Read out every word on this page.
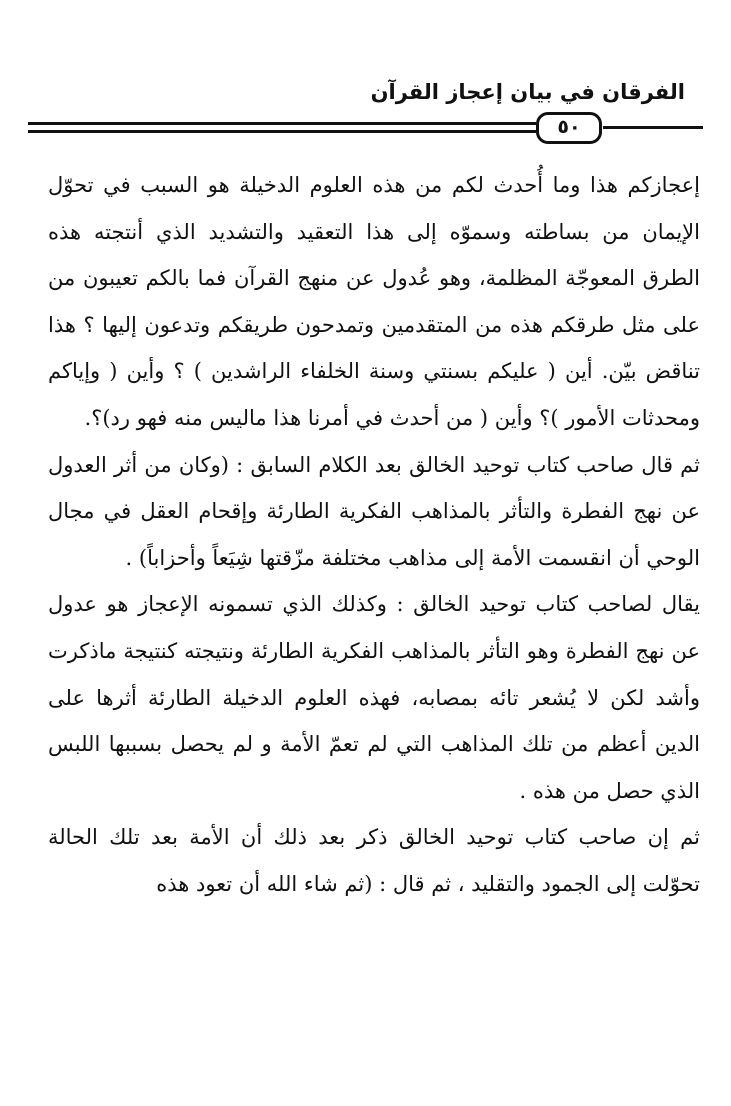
الفرقان في بيان إعجاز القرآن
٥٠

إعجازكم هذا وما أُحدث لكم من هذه العلوم الدخيلة هو السبب في تحوّل الإيمان من بساطته وسموّه إلى هذا التعقيد والتشديد الذي أنتجته هذه الطرق المعوجّة المظلمة، وهو عُدول عن منهج القرآن فما بالكم تعيبون من على مثل طرقكم هذه من المتقدمين وتمدحون طريقكم وتدعون إليها ؟ هذا تناقض بيّن. أين ( عليكم بسنتي وسنة الخلفاء الراشدين ) ؟ وأين ( وإياكم ومحدثات الأمور )؟ وأين ( من أحدث في أمرنا هذا ماليس منه فهو رد)؟.

ثم قال صاحب كتاب توحيد الخالق بعد الكلام السابق : (وكان من أثر العدول عن نهج الفطرة والتأثر بالمذاهب الفكرية الطارئة وإقحام العقل في مجال الوحي أن انقسمت الأمة إلى مذاهب مختلفة مزّقتها شِيَعاً وأحزاباً) .

يقال لصاحب كتاب توحيد الخالق : وكذلك الذي تسمونه الإعجاز هو عدول عن نهج الفطرة وهو التأثر بالمذاهب الفكرية الطارئة ونتيجته كنتيجة ماذكرت وأشد لكن لا يُشعر تائه بمصابه، فهذه العلوم الدخيلة الطارئة أثرها على الدين أعظم من تلك المذاهب التي لم تعمّ الأمة و لم يحصل بسببها اللبس الذي حصل من هذه .

ثم إن صاحب كتاب توحيد الخالق ذكر بعد ذلك أن الأمة بعد تلك الحالة تحوّلت إلى الجمود والتقليد ، ثم قال : (ثم شاء الله أن تعود هذه
